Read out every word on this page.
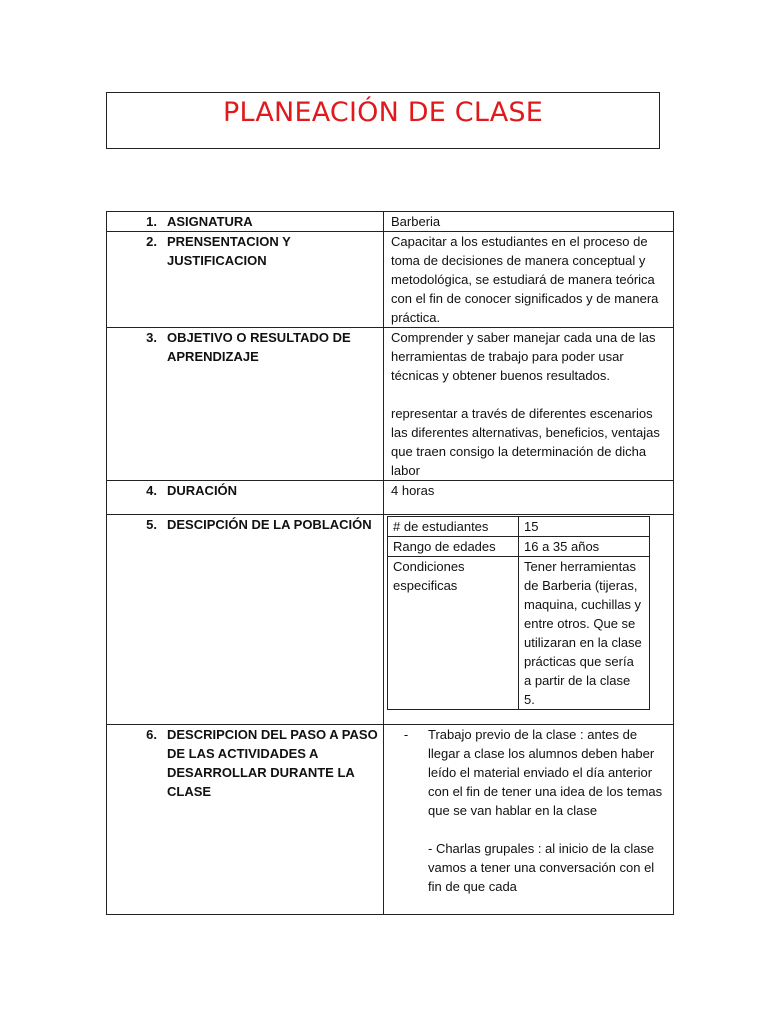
PLANEACIÓN DE CLASE
1. ASIGNATURA	Barberia

2. PRENSENTACION Y JUSTIFICACION

Capacitar a los estudiantes en el proceso de toma de decisiones de manera conceptual y metodológica, se estudiará de manera teórica con el fin de conocer significados y de manera práctica.

3. OBJETIVO O RESULTADO DE APRENDIZAJE

Comprender y saber manejar cada una de las herramientas de trabajo para poder usar técnicas y obtener buenos resultados.

representar a través de diferentes escenarios las diferentes alternativas, beneficios, ventajas que traen consigo la determinación de dicha labor

4. DURACIÓN	4 horas

5. DESCIPCIÓN DE LA POBLACIÓN
		# de estudiantes	15
Rango de edades	16 a 35 años
Condiciones especificas	Tener herramientas de Barberia (tijeras, maquina, cuchillas y entre otros. Que se utilizaran en la clase prácticas que sería a partir de la clase 5.

6. DESCRIPCION DEL PASO A PASO DE LAS ACTIVIDADES A DESARROLLAR DURANTE LA CLASE

-	Trabajo previo de la clase : antes de llegar a clase los alumnos deben haber leído el material enviado el día anterior con el fin de tener una idea de los temas que se van hablar en la clase

- Charlas grupales : al inicio de la clase vamos a tener una conversación con el fin de que cada
